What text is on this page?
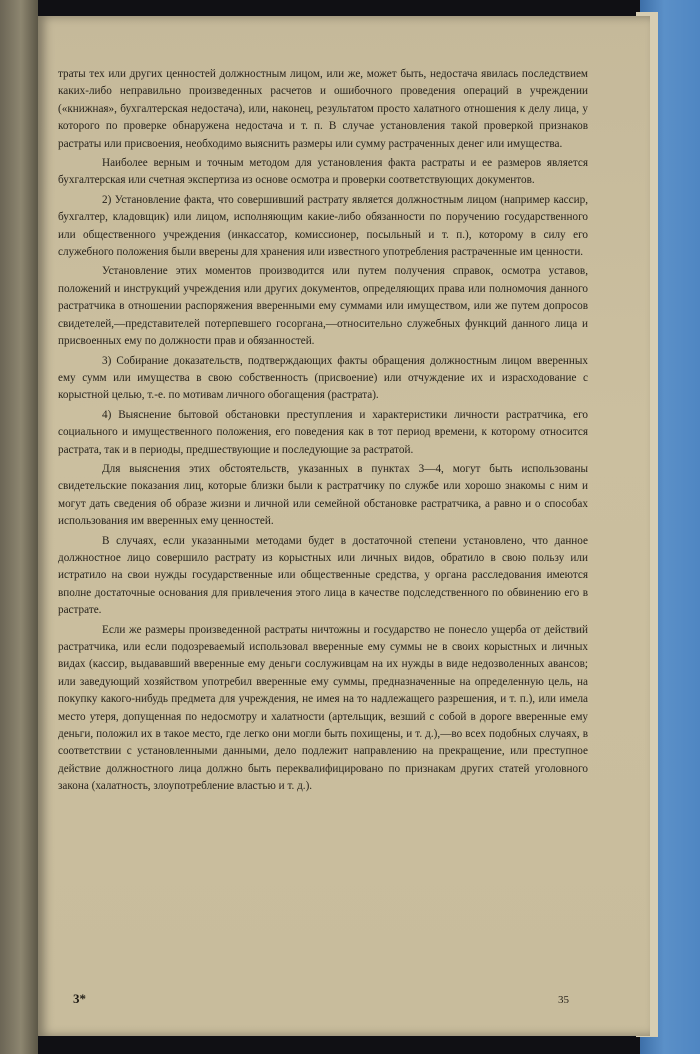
траты тех или других ценностей должностным лицом, или же, может быть, недостача явилась последствием каких-либо неправильно произведенных расчетов и ошибочного проведения операций в учреждении («книжная», бухгалтерская недостача), или, наконец, результатом просто халатного отношения к делу лица, у которого по проверке обнаружена недостача и т. п. В случае установления такой проверкой признаков растраты или присвоения, необходимо выяснить размеры или сумму растраченных денег или имущества.

Наиболее верным и точным методом для установления факта растраты и ее размеров является бухгалтерская или счетная экспертиза из основе осмотра и проверки соответствующих документов.

2) Установление факта, что совершивший растрату является должностным лицом (например кассир, бухгалтер, кладовщик) или лицом, исполняющим какие-либо обязанности по поручению государственного или общественного учреждения (инкассатор, комиссионер, посыльный и т. п.), которому в силу его служебного положения были вверены для хранения или известного употребления растраченные им ценности.

Установление этих моментов производится или путем получения справок, осмотра уставов, положений и инструкций учреждения или других документов, определяющих права или полномочия данного растратчика в отношении распоряжения вверенными ему суммами или имуществом, или же путем допросов свидетелей,—представителей потерпевшего госоргана,—относительно служебных функций данного лица и присвоенных ему по должности прав и обязанностей.

3) Собирание доказательств, подтверждающих факты обращения должностным лицом вверенных ему сумм или имущества в свою собственность (присвоение) или отчуждение их и израсходование с корыстной целью, т.-е. по мотивам личного обогащения (растрата).

4) Выяснение бытовой обстановки преступления и характеристики личности растратчика, его социального и имущественного положения, его поведения как в тот период времени, к которому относится растрата, так и в периоды, предшествующие и последующие за растратой.

Для выяснения этих обстоятельств, указанных в пунктах 3—4, могут быть использованы свидетельские показания лиц, которые близки были к растратчику по службе или хорошо знакомы с ним и могут дать сведения об образе жизни и личной или семейной обстановке растратчика, а равно и о способах использования им вверенных ему ценностей.

В случаях, если указанными методами будет в достаточной степени установлено, что данное должностное лицо совершило растрату из корыстных или личных видов, обратило в свою пользу или истратило на свои нужды государственные или общественные средства, у органа расследования имеются вполне достаточные основания для привлечения этого лица в качестве подследственного по обвинению его в растрате.

Если же размеры произведенной растраты ничтожны и государство не понесло ущерба от действий растратчика, или если подозреваемый использовал вверенные ему суммы не в своих корыстных и личных видах (кассир, выдававший вверенные ему деньги сослуживцам на их нужды в виде недозволенных авансов; или заведующий хозяйством употребил вверенные ему суммы, предназначенные на определенную цель, на покупку какого-нибудь предмета для учреждения, не имея на то надлежащего разрешения, и т. п.), или имела место утеря, допущенная по недосмотру и халатности (артельщик, везший с собой в дороге вверенные ему деньги, положил их в такое место, где легко они могли быть похищены, и т. д.),—во всех подобных случаях, в соответствии с установленными данными, дело подлежит направлению на прекращение, или преступное действие должностного лица должно быть переквалифицировано по признакам других статей уголовного закона (халатность, злоупотребление властью и т. д.).

3*	35
